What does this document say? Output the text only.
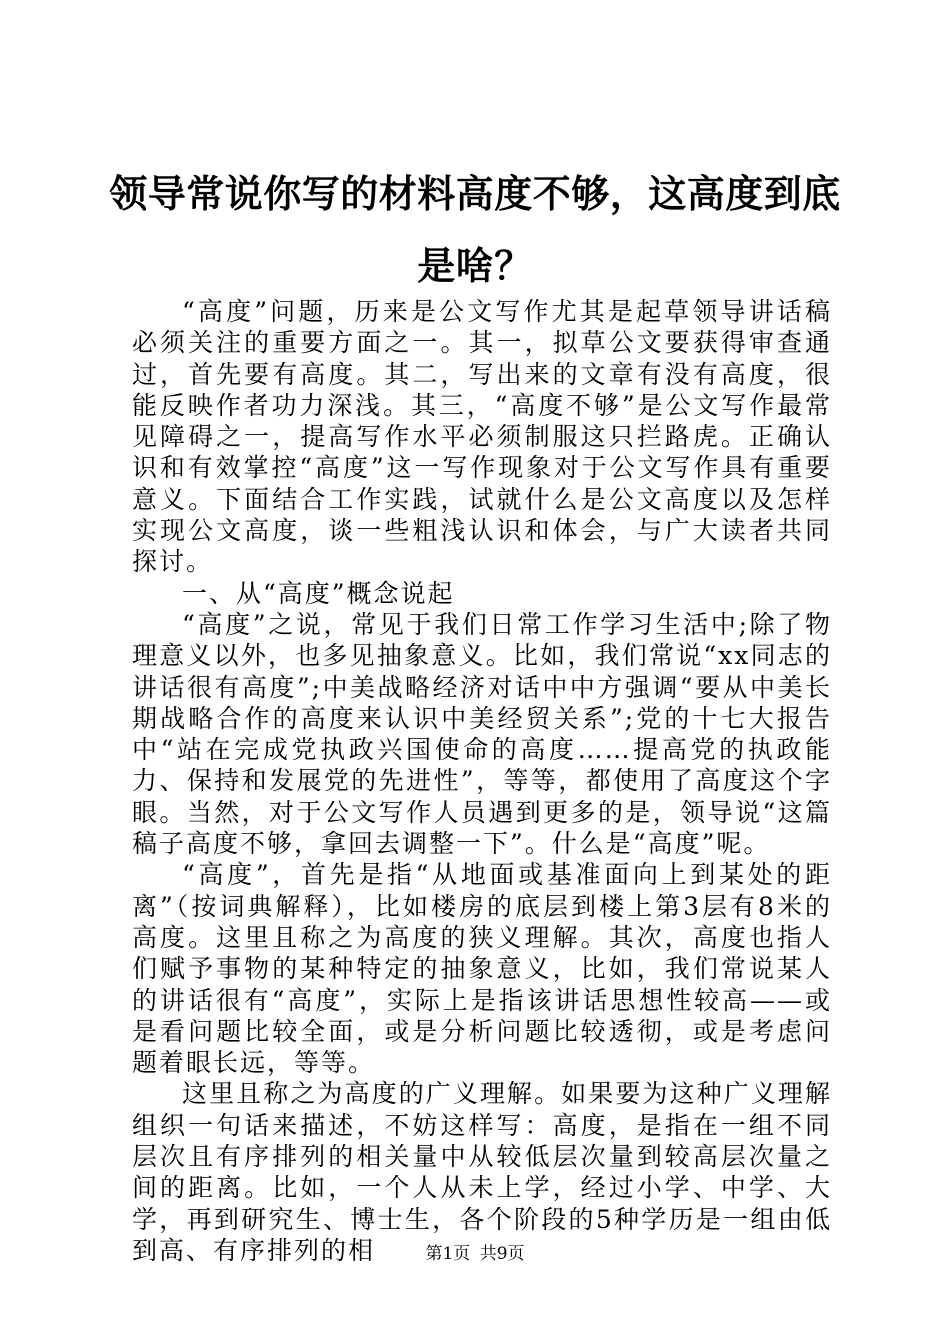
领导常说你写的材料高度不够，这高度到底是啥？

“高度”问题，历来是公文写作尤其是起草领导讲话稿必须关注的重要方面之一。其一，拟草公文要获得审查通过，首先要有高度。其二，写出来的文章有没有高度，很能反映作者功力深浅。其三，“高度不够”是公文写作最常见障碍之一，提高写作水平必须制服这只拦路虎。正确认识和有效掌控“高度”这一写作现象对于公文写作具有重要意义。下面结合工作实践，试就什么是公文高度以及怎样实现公文高度，谈一些粗浅认识和体会，与广大读者共同探讨。

一、从“高度”概念说起

“高度”之说，常见于我们日常工作学习生活中;除了物理意义以外，也多见抽象意义。比如，我们常说“xx同志的讲话很有高度”;中美战略经济对话中中方强调“要从中美长期战略合作的高度来认识中美经贸关系”;党的十七大报告中“站在完成党执政兴国使命的高度……提高党的执政能力、保持和发展党的先进性”，等等，都使用了高度这个字眼。当然，对于公文写作人员遇到更多的是，领导说“这篇稿子高度不够，拿回去调整一下”。什么是“高度”呢。

“高度”，首先是指“从地面或基准面向上到某处的距离”（按词典解释），比如楼房的底层到楼上第3层有8米的高度。这里且称之为高度的狭义理解。其次，高度也指人们赋予事物的某种特定的抽象意义，比如，我们常说某人的讲话很有“高度”，实际上是指该讲话思想性较高——或是看问题比较全面，或是分析问题比较透彻，或是考虑问题着眼长远，等等。

这里且称之为高度的广义理解。如果要为这种广义理解组织一句话来描述，不妨这样写：高度，是指在一组不同层次且有序排列的相关量中从较低层次量到较高层次量之间的距离。比如，一个人从未上学，经过小学、中学、大学，再到研究生、博士生，各个阶段的5种学历是一组由低到高、有序排列的相	第1页 共9页
